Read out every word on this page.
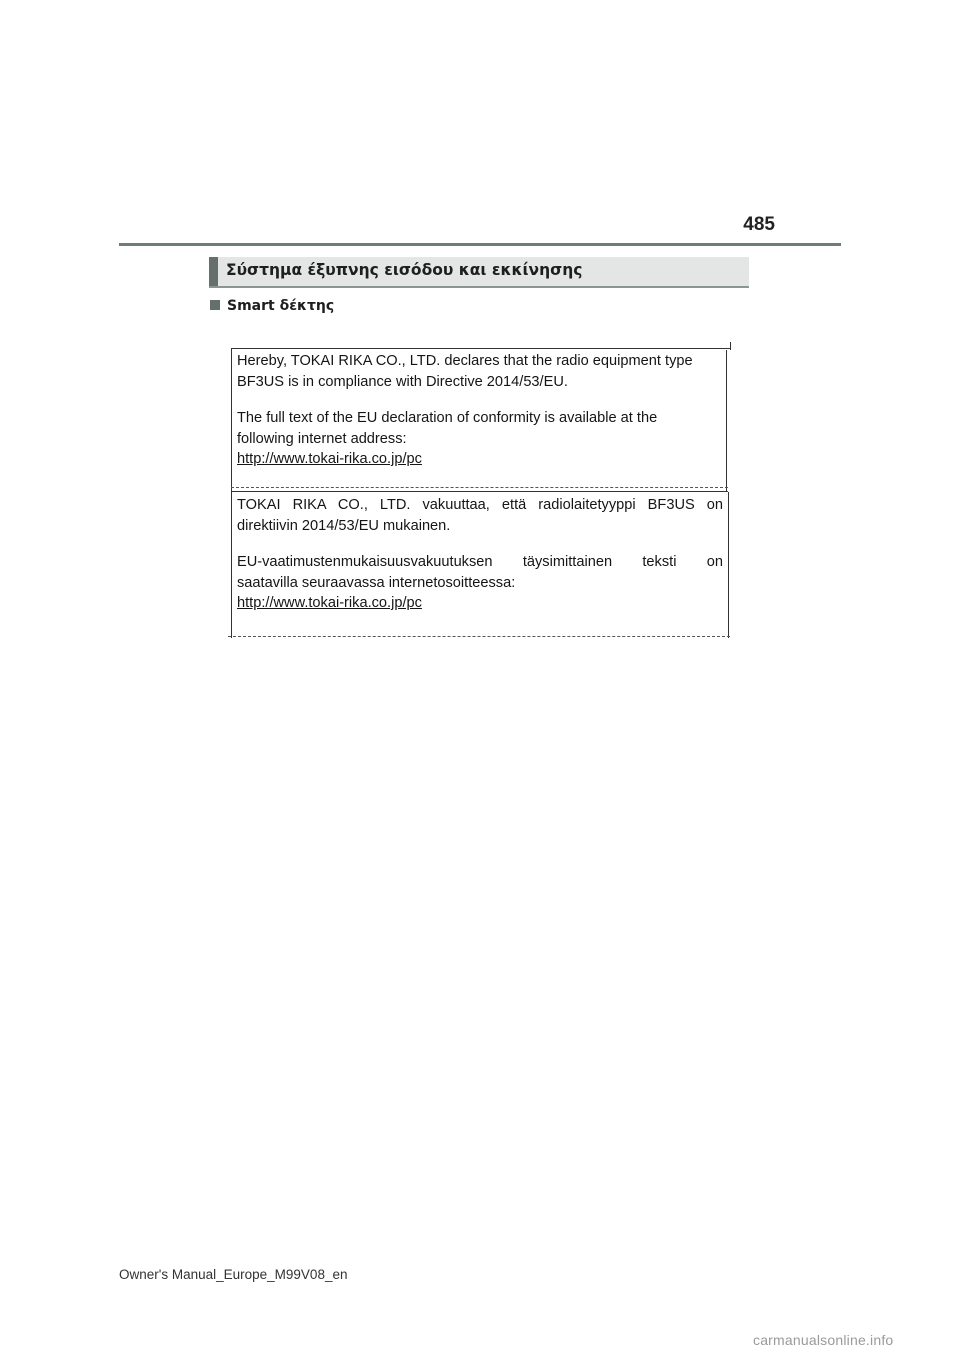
485
Σύστημα έξυπνης εισόδου και εκκίνησης
Smart δέκτης

Hereby, TOKAI RIKA CO., LTD. declares that the radio equipment type

BF3US is in compliance with Directive 2014/53/EU.

The full text of the EU declaration of conformity is available at the

following internet address:

http://www.tokai-rika.co.jp/pc

TOKAI RIKA CO., LTD. vakuuttaa, että radiolaitetyyppi BF3US on

direktiivin 2014/53/EU mukainen.

EU-vaatimustenmukaisuusvakuutuksen täysimittainen teksti on

saatavilla seuraavassa internetosoitteessa:

http://www.tokai-rika.co.jp/pc

Owner's Manual_Europe_M99V08_en
carmanualsonline.info
